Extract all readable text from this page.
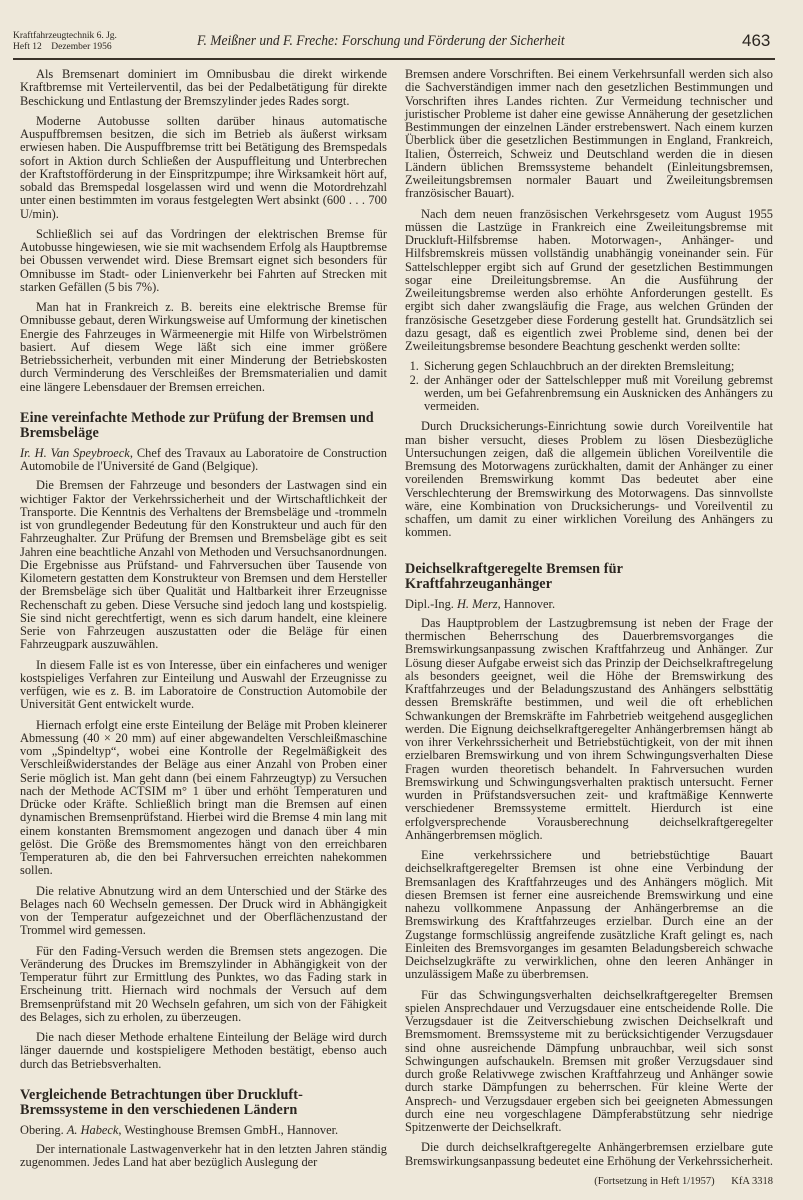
Kraftfahrzeugtechnik 6. Jg.
Heft 12    Dezember 1956	F. Meißner und F. Freche: Forschung und Förderung der Sicherheit	463

Als Bremsenart dominiert im Omnibusbau die direkt wirkende Kraftbremse mit Verteilerventil, das bei der Pedalbetätigung für direkte Beschickung und Entlastung der Bremszylinder jedes Rades sorgt.

Moderne Autobusse sollten darüber hinaus automatische Auspuffbremsen besitzen, die sich im Betrieb als äußerst wirksam erwiesen haben. Die Auspuffbremse tritt bei Betätigung des Bremspedals sofort in Aktion durch Schließen der Auspuffleitung und Unterbrechen der Kraftstofförderung in der Einspritzpumpe; ihre Wirksamkeit hört auf, sobald das Bremspedal losgelassen wird und wenn die Motordrehzahl unter einen bestimmten im voraus festgelegten Wert absinkt (600 . . . 700 U/min).

Schließlich sei auf das Vordringen der elektrischen Bremse für Autobusse hingewiesen, wie sie mit wachsendem Erfolg als Hauptbremse bei Obussen verwendet wird. Diese Bremsart eignet sich besonders für Omnibusse im Stadt- oder Linienverkehr bei Fahrten auf Strecken mit starken Gefällen (5 bis 7%).

Man hat in Frankreich z. B. bereits eine elektrische Bremse für Omnibusse gebaut, deren Wirkungsweise auf Umformung der kinetischen Energie des Fahrzeuges in Wärmeenergie mit Hilfe von Wirbelströmen basiert. Auf diesem Wege läßt sich eine immer größere Betriebssicherheit, verbunden mit einer Minderung der Betriebskosten durch Verminderung des Verschleißes der Bremsmaterialien und damit eine längere Lebensdauer der Bremsen erreichen.

Eine vereinfachte Methode zur Prüfung der Bremsen und Bremsbeläge

Ir. H. Van Speybroeck, Chef des Travaux au Laboratoire de Construction Automobile de l'Université de Gand (Belgique).

Die Bremsen der Fahrzeuge und besonders der Lastwagen sind ein wichtiger Faktor der Verkehrssicherheit und der Wirtschaftlichkeit der Transporte. Die Kenntnis des Verhaltens der Bremsbeläge und -trommeln ist von grundlegender Bedeutung für den Konstrukteur und auch für den Fahrzeughalter. Zur Prüfung der Bremsen und Bremsbeläge gibt es seit Jahren eine beachtliche Anzahl von Methoden und Versuchsanordnungen. Die Ergebnisse aus Prüfstand- und Fahrversuchen über Tausende von Kilometern gestatten dem Konstrukteur von Bremsen und dem Hersteller der Bremsbeläge sich über Qualität und Haltbarkeit ihrer Erzeugnisse Rechenschaft zu geben. Diese Versuche sind jedoch lang und kostspielig. Sie sind nicht gerechtfertigt, wenn es sich darum handelt, eine kleinere Serie von Fahrzeugen auszustatten oder die Beläge für einen Fahrzeugpark auszuwählen.

In diesem Falle ist es von Interesse, über ein einfacheres und weniger kostspieliges Verfahren zur Einteilung und Auswahl der Erzeugnisse zu verfügen, wie es z. B. im Laboratoire de Construction Automobile der Universität Gent entwickelt wurde.

Hiernach erfolgt eine erste Einteilung der Beläge mit Proben kleinerer Abmessung (40 × 20 mm) auf einer abgewandelten Verschleißmaschine vom „Spindeltyp“, wobei eine Kontrolle der Regelmäßigkeit des Verschleißwiderstandes der Beläge aus einer Anzahl von Proben einer Serie möglich ist. Man geht dann (bei einem Fahrzeugtyp) zu Versuchen nach der Methode ACTSIM m° 1 über und erhöht Temperaturen und Drücke oder Kräfte. Schließlich bringt man die Bremsen auf einen dynamischen Bremsenprüfstand. Hierbei wird die Bremse 4 min lang mit einem konstanten Bremsmoment angezogen und danach über 4 min gelöst. Die Größe des Bremsmomentes hängt von den erreichbaren Temperaturen ab, die den bei Fahrversuchen erreichten nahekommen sollen.

Die relative Abnutzung wird an dem Unterschied und der Stärke des Belages nach 60 Wechseln gemessen. Der Druck wird in Abhängigkeit von der Temperatur aufgezeichnet und der Oberflächenzustand der Trommel wird gemessen.

Für den Fading-Versuch werden die Bremsen stets angezogen. Die Veränderung des Druckes im Bremszylinder in Abhängigkeit von der Temperatur führt zur Ermittlung des Punktes, wo das Fading stark in Erscheinung tritt. Hiernach wird nochmals der Versuch auf dem Bremsenprüfstand mit 20 Wechseln gefahren, um sich von der Fähigkeit des Belages, sich zu erholen, zu überzeugen.

Die nach dieser Methode erhaltene Einteilung der Beläge wird durch länger dauernde und kostspieligere Methoden bestätigt, ebenso auch durch das Betriebsverhalten.

Vergleichende Betrachtungen über Druckluft-Bremssysteme in den verschiedenen Ländern

Obering. A. Habeck, Westinghouse Bremsen GmbH., Hannover.

Der internationale Lastwagenverkehr hat in den letzten Jahren ständig zugenommen. Jedes Land hat aber bezüglich Auslegung der

Bremsen andere Vorschriften. Bei einem Verkehrsunfall werden sich also die Sachverständigen immer nach den gesetzlichen Bestimmungen und Vorschriften ihres Landes richten. Zur Vermeidung technischer und juristischer Probleme ist daher eine gewisse Annäherung der gesetzlichen Bestimmungen der einzelnen Länder erstrebenswert. Nach einem kurzen Überblick über die gesetzlichen Bestimmungen in England, Frankreich, Italien, Österreich, Schweiz und Deutschland werden die in diesen Ländern üblichen Bremssysteme behandelt (Einleitungsbremsen, Zweileitungsbremsen normaler Bauart und Zweileitungsbremsen französischer Bauart).

Nach dem neuen französischen Verkehrsgesetz vom August 1955 müssen die Lastzüge in Frankreich eine Zweileitungsbremse mit Druckluft-Hilfsbremse haben. Motorwagen-, Anhänger- und Hilfsbremskreis müssen vollständig unabhängig voneinander sein. Für Sattelschlepper ergibt sich auf Grund der gesetzlichen Bestimmungen sogar eine Dreileitungsbremse. An die Ausführung der Zweileitungsbremse werden also erhöhte Anforderungen gestellt. Es ergibt sich daher zwangsläufig die Frage, aus welchen Gründen der französische Gesetzgeber diese Forderung gestellt hat. Grundsätzlich sei dazu gesagt, daß es eigentlich zwei Probleme sind, denen bei der Zweileitungsbremse besondere Beachtung geschenkt werden sollte:

1. Sicherung gegen Schlauchbruch an der direkten Bremsleitung;
2. der Anhänger oder der Sattelschlepper muß mit Voreilung gebremst werden, um bei Gefahrenbremsung ein Ausknicken des Anhängers zu vermeiden.

Durch Drucksicherungs-Einrichtung sowie durch Voreilventile hat man bisher versucht, dieses Problem zu lösen Diesbezügliche Untersuchungen zeigen, daß die allgemein üblichen Voreilventile die Bremsung des Motorwagens zurückhalten, damit der Anhänger zu einer voreilenden Bremswirkung kommt Das bedeutet aber eine Verschlechterung der Bremswirkung des Motorwagens. Das sinnvollste wäre, eine Kombination von Drucksicherungs- und Voreilventil zu schaffen, um damit zu einer wirklichen Voreilung des Anhängers zu kommen.

Deichselkraftgeregelte Bremsen für Kraftfahrzeuganhänger

Dipl.-Ing. H. Merz, Hannover.

Das Hauptproblem der Lastzugbremsung ist neben der Frage der thermischen Beherrschung des Dauerbremsvorganges die Bremswirkungsanpassung zwischen Kraftfahrzeug und Anhänger. Zur Lösung dieser Aufgabe erweist sich das Prinzip der Deichselkraftregelung als besonders geeignet, weil die Höhe der Bremswirkung des Kraftfahrzeuges und der Beladungszustand des Anhängers selbsttätig dessen Bremskräfte bestimmen, und weil die oft erheblichen Schwankungen der Bremskräfte im Fahrbetrieb weitgehend ausgeglichen werden. Die Eignung deichselkraftgeregelter Anhängerbremsen hängt ab von ihrer Verkehrssicherheit und Betriebstüchtigkeit, von der mit ihnen erzielbaren Bremswirkung und von ihrem Schwingungsverhalten Diese Fragen wurden theoretisch behandelt. In Fahrversuchen wurden Bremswirkung und Schwingungsverhalten praktisch untersucht. Ferner wurden in Prüfstandsversuchen zeit- und kraftmäßige Kennwerte verschiedener Bremssysteme ermittelt. Hierdurch ist eine erfolgversprechende Vorausberechnung deichselkraftgeregelter Anhängerbremsen möglich.

Eine verkehrssichere und betriebstüchtige Bauart deichselkraftgeregelter Bremsen ist ohne eine Verbindung der Bremsanlagen des Kraftfahrzeuges und des Anhängers möglich. Mit diesen Bremsen ist ferner eine ausreichende Bremswirkung und eine nahezu vollkommene Anpassung der Anhängerbremse an die Bremswirkung des Kraftfahrzeuges erzielbar. Durch eine an der Zugstange formschlüssig angreifende zusätzliche Kraft gelingt es, nach Einleiten des Bremsvorganges im gesamten Beladungsbereich schwache Deichselzugkräfte zu verwirklichen, ohne den leeren Anhänger in unzulässigem Maße zu überbremsen.

Für das Schwingungsverhalten deichselkraftgeregelter Bremsen spielen Ansprechdauer und Verzugsdauer eine entscheidende Rolle. Die Verzugsdauer ist die Zeitverschiebung zwischen Deichselkraft und Bremsmoment. Bremssysteme mit zu berücksichtigender Verzugsdauer sind ohne ausreichende Dämpfung unbrauchbar, weil sich sonst Schwingungen aufschaukeln. Bremsen mit großer Verzugsdauer sind durch große Relativwege zwischen Kraftfahrzeug und Anhänger sowie durch starke Dämpfungen zu beherrschen. Für kleine Werte der Ansprech- und Verzugsdauer ergeben sich bei geeigneten Abmessungen durch eine neu vorgeschlagene Dämpferabstützung sehr niedrige Spitzenwerte der Deichselkraft.

Die durch deichselkraftgeregelte Anhängerbremsen erzielbare gute Bremswirkungsanpassung bedeutet eine Erhöhung der Verkehrssicherheit.

(Fortsetzung in Heft 1/1957) KfA 3318
